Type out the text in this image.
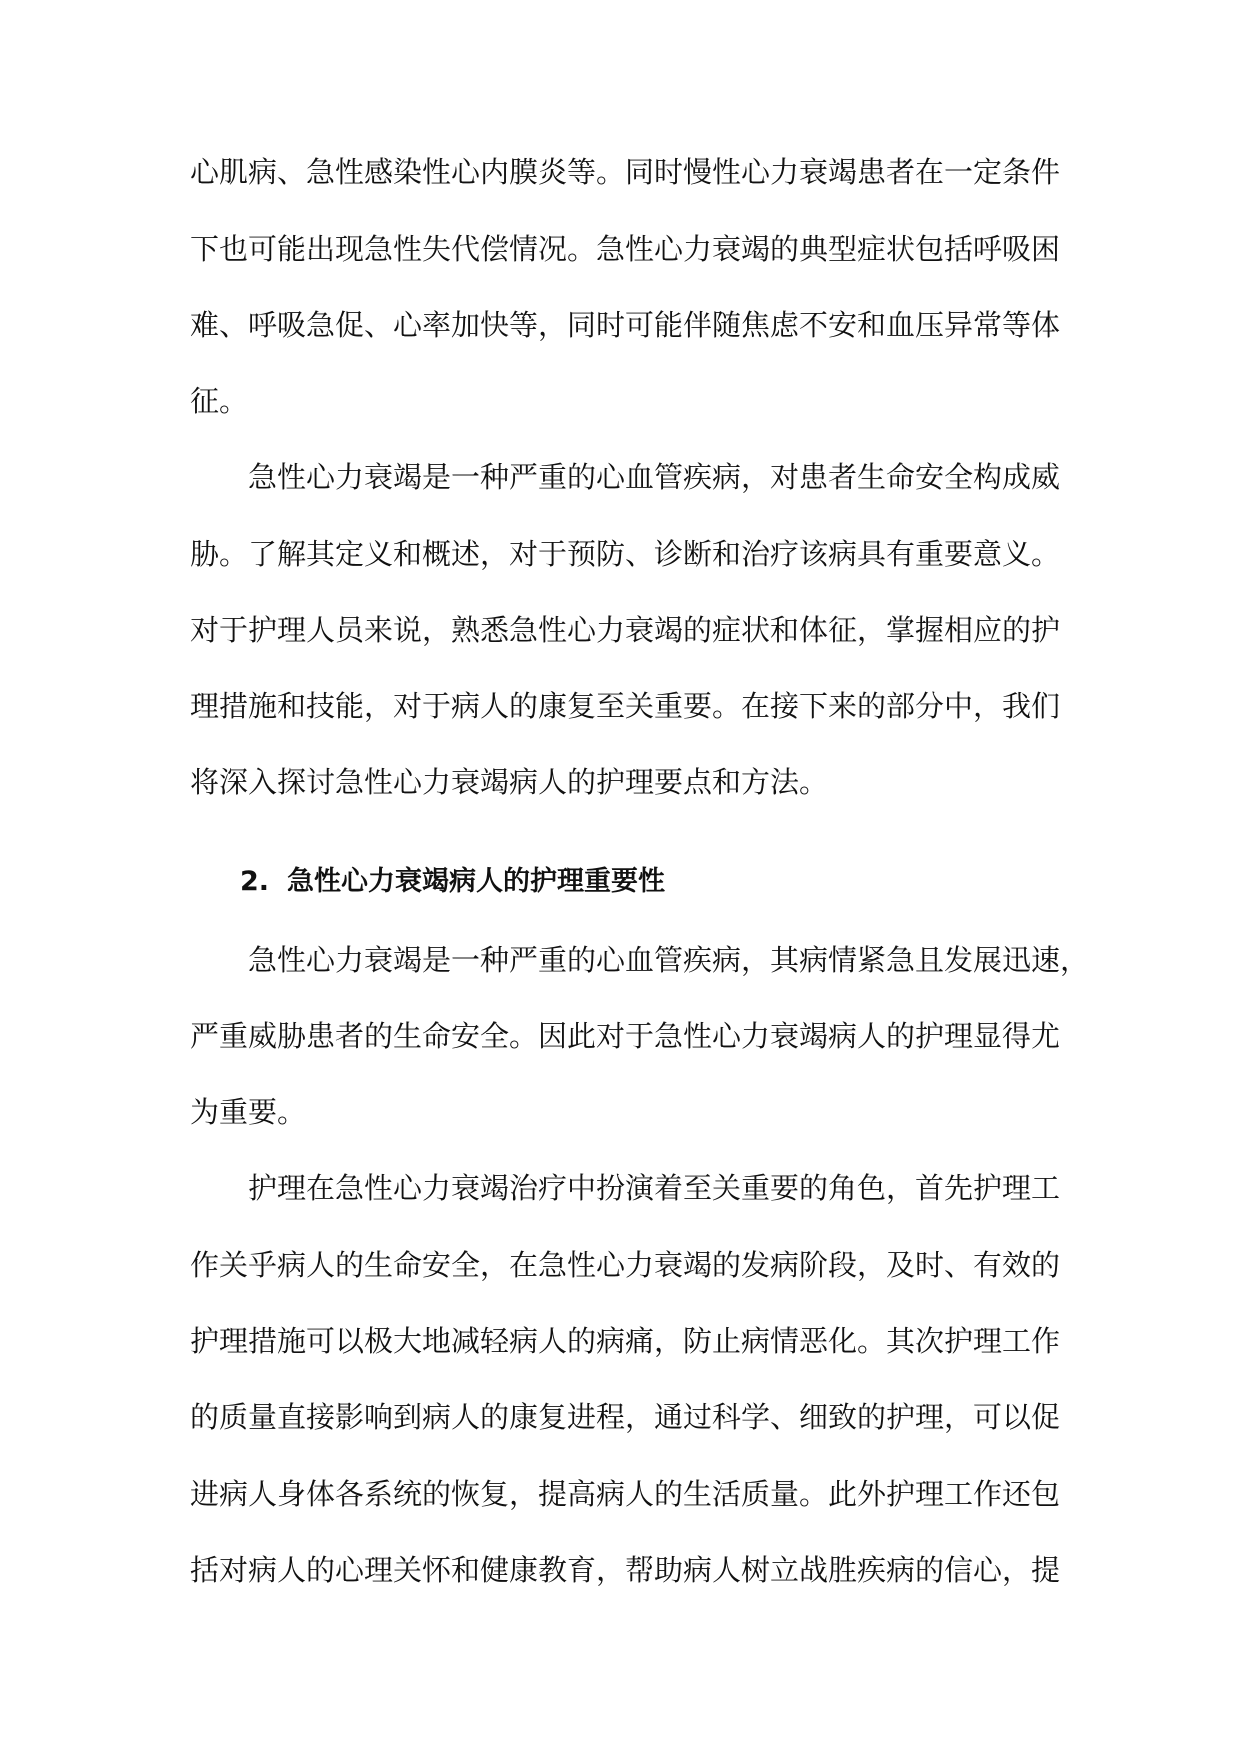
心肌病、急性感染性心内膜炎等。同时慢性心力衰竭患者在一定条件
下也可能出现急性失代偿情况。急性心力衰竭的典型症状包括呼吸困
难、呼吸急促、心率加快等，同时可能伴随焦虑不安和血压异常等体
征。
急性心力衰竭是一种严重的心血管疾病，对患者生命安全构成威
胁。了解其定义和概述，对于预防、诊断和治疗该病具有重要意义。
对于护理人员来说，熟悉急性心力衰竭的症状和体征，掌握相应的护
理措施和技能，对于病人的康复至关重要。在接下来的部分中，我们
将深入探讨急性心力衰竭病人的护理要点和方法。
2. 急性心力衰竭病人的护理重要性
急性心力衰竭是一种严重的心血管疾病，其病情紧急且发展迅速，
严重威胁患者的生命安全。因此对于急性心力衰竭病人的护理显得尤
为重要。
护理在急性心力衰竭治疗中扮演着至关重要的角色，首先护理工
作关乎病人的生命安全，在急性心力衰竭的发病阶段，及时、有效的
护理措施可以极大地减轻病人的病痛，防止病情恶化。其次护理工作
的质量直接影响到病人的康复进程，通过科学、细致的护理，可以促
进病人身体各系统的恢复，提高病人的生活质量。此外护理工作还包
括对病人的心理关怀和健康教育，帮助病人树立战胜疾病的信心，提
